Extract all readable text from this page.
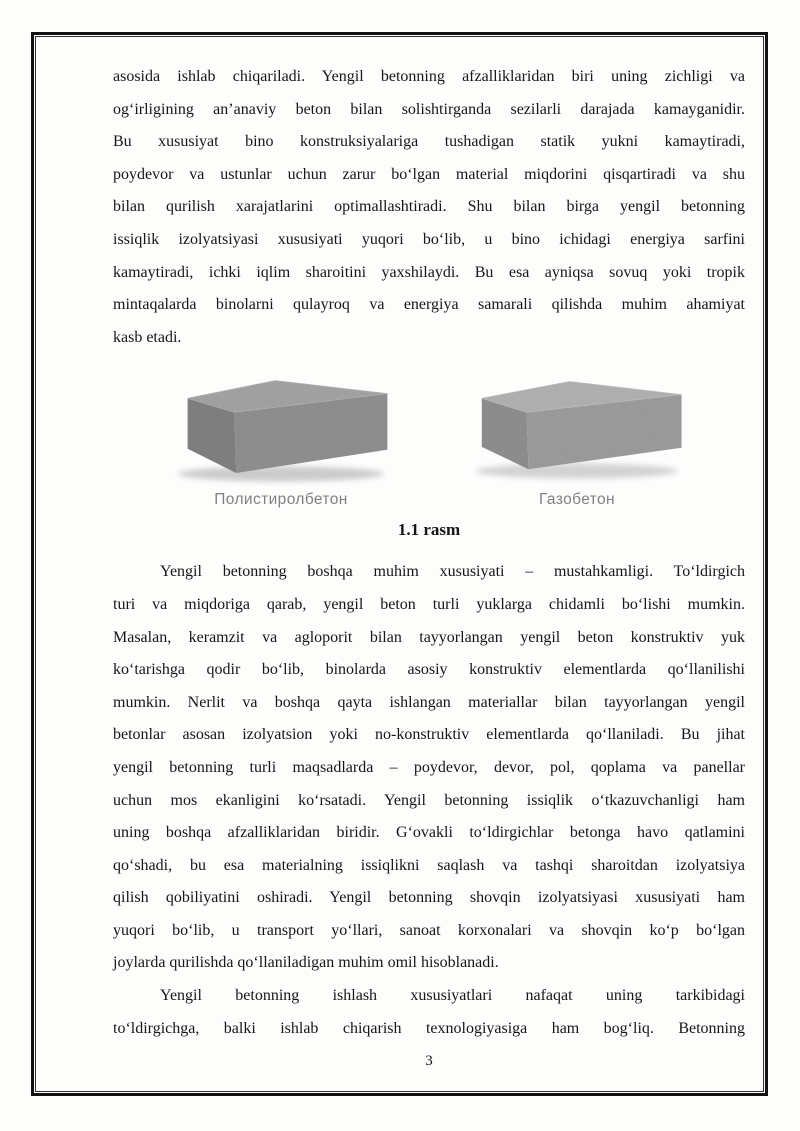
asosida ishlab chiqariladi. Yengil betonning afzalliklaridan biri uning zichligi va
og‘irligining an’anaviy beton bilan solishtirganda sezilarli darajada kamayganidir.
Bu xususiyat bino konstruksiyalariga tushadigan statik yukni kamaytiradi,
poydevor va ustunlar uchun zarur bo‘lgan material miqdorini qisqartiradi va shu
bilan qurilish xarajatlarini optimallashtiradi. Shu bilan birga yengil betonning
issiqlik izolyatsiyasi xususiyati yuqori bo‘lib, u bino ichidagi energiya sarfini
kamaytiradi, ichki iqlim sharoitini yaxshilaydi. Bu esa ayniqsa sovuq yoki tropik
mintaqalarda binolarni qulayroq va energiya samarali qilishda muhim ahamiyat
kasb etadi.
Полистиролбетон	Газобетон
1.1 rasm
Yengil betonning boshqa muhim xususiyati – mustahkamligi. To‘ldirgich
turi va miqdoriga qarab, yengil beton turli yuklarga chidamli bo‘lishi mumkin.
Masalan, keramzit va agloporit bilan tayyorlangan yengil beton konstruktiv yuk
ko‘tarishga qodir bo‘lib, binolarda asosiy konstruktiv elementlarda qo‘llanilishi
mumkin. Nerlit va boshqa qayta ishlangan materiallar bilan tayyorlangan yengil
betonlar asosan izolyatsion yoki no-konstruktiv elementlarda qo‘llaniladi. Bu jihat
yengil betonning turli maqsadlarda – poydevor, devor, pol, qoplama va panellar
uchun mos ekanligini ko‘rsatadi. Yengil betonning issiqlik o‘tkazuvchanligi ham
uning boshqa afzalliklaridan biridir. G‘ovakli to‘ldirgichlar betonga havo qatlamini
qo‘shadi, bu esa materialning issiqlikni saqlash va tashqi sharoitdan izolyatsiya
qilish qobiliyatini oshiradi. Yengil betonning shovqin izolyatsiyasi xususiyati ham
yuqori bo‘lib, u transport yo‘llari, sanoat korxonalari va shovqin ko‘p bo‘lgan
joylarda qurilishda qo‘llaniladigan muhim omil hisoblanadi.
Yengil betonning ishlash xususiyatlari nafaqat uning tarkibidagi
to‘ldirgichga, balki ishlab chiqarish texnologiyasiga ham bog‘liq. Betonning
3
